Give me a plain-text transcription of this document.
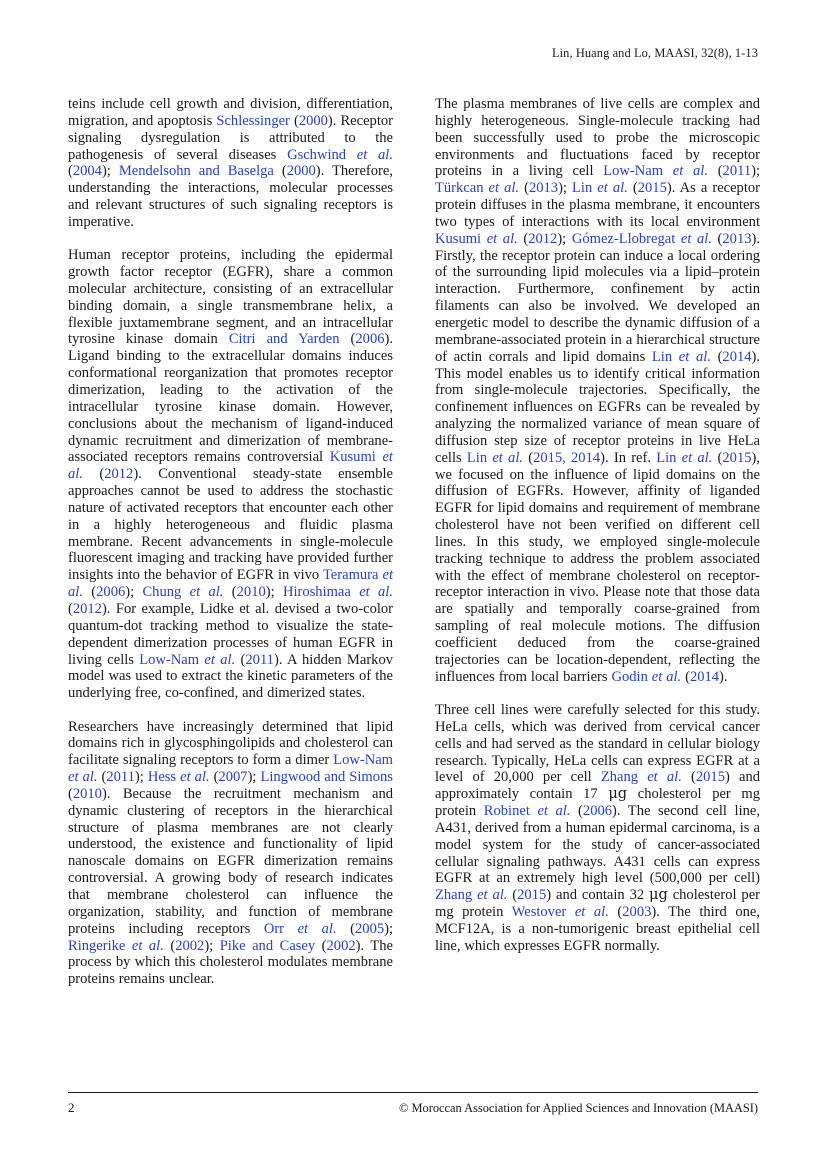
Lin, Huang and Lo, MAASI, 32(8), 1-13

teins include cell growth and division, differentiation, migration, and apoptosis Schlessinger (2000). Receptor signaling dysregulation is attributed to the pathogenesis of several diseases Gschwind et al. (2004); Mendelsohn and Baselga (2000). Therefore, understanding the interactions, molecular processes and relevant structures of such signaling receptors is imperative.

Human receptor proteins, including the epidermal growth factor receptor (EGFR), share a common molecular architecture, consisting of an extracellular binding domain, a single transmembrane helix, a flexible juxtamembrane segment, and an intracellular tyrosine kinase domain Citri and Yarden (2006). Ligand binding to the extracellular domains induces conformational reorganization that promotes receptor dimerization, leading to the activation of the intracellular tyrosine kinase domain. However, conclusions about the mechanism of ligand-induced dynamic recruitment and dimerization of membrane-associated receptors remains controversial Kusumi et al. (2012). Conventional steady-state ensemble approaches cannot be used to address the stochastic nature of activated receptors that encounter each other in a highly heterogeneous and fluidic plasma membrane. Recent advancements in single-molecule fluorescent imaging and tracking have provided further insights into the behavior of EGFR in vivo Teramura et al. (2006); Chung et al. (2010); Hiroshimaa et al. (2012). For example, Lidke et al. devised a two-color quantum-dot tracking method to visualize the state-dependent dimerization processes of human EGFR in living cells Low-Nam et al. (2011). A hidden Markov model was used to extract the kinetic parameters of the underlying free, co-confined, and dimerized states.

Researchers have increasingly determined that lipid domains rich in glycosphingolipids and cholesterol can facilitate signaling receptors to form a dimer Low-Nam et al. (2011); Hess et al. (2007); Lingwood and Simons (2010). Because the recruitment mechanism and dynamic clustering of receptors in the hierarchical structure of plasma membranes are not clearly understood, the existence and functionality of lipid nanoscale domains on EGFR dimerization remains controversial. A growing body of research indicates that membrane cholesterol can influence the organization, stability, and function of membrane proteins including receptors Orr et al. (2005); Ringerike et al. (2002); Pike and Casey (2002). The process by which this cholesterol modulates membrane proteins remains unclear.

The plasma membranes of live cells are complex and highly heterogeneous. Single-molecule tracking had been successfully used to probe the microscopic environments and fluctuations faced by receptor proteins in a living cell Low-Nam et al. (2011); Türkcan et al. (2013); Lin et al. (2015). As a receptor protein diffuses in the plasma membrane, it encounters two types of interactions with its local environment Kusumi et al. (2012); Gómez-Llobregat et al. (2013). Firstly, the receptor protein can induce a local ordering of the surrounding lipid molecules via a lipid–protein interaction. Furthermore, confinement by actin filaments can also be involved. We developed an energetic model to describe the dynamic diffusion of a membrane-associated protein in a hierarchical structure of actin corrals and lipid domains Lin et al. (2014). This model enables us to identify critical information from single-molecule trajectories. Specifically, the confinement influences on EGFRs can be revealed by analyzing the normalized variance of mean square of diffusion step size of receptor proteins in live HeLa cells Lin et al. (2015, 2014). In ref. Lin et al. (2015), we focused on the influence of lipid domains on the diffusion of EGFRs. However, affinity of liganded EGFR for lipid domains and requirement of membrane cholesterol have not been verified on different cell lines. In this study, we employed single-molecule tracking technique to address the problem associated with the effect of membrane cholesterol on receptor-receptor interaction in vivo. Please note that those data are spatially and temporally coarse-grained from sampling of real molecule motions. The diffusion coefficient deduced from the coarse-grained trajectories can be location-dependent, reflecting the influences from local barriers Godin et al. (2014).

Three cell lines were carefully selected for this study. HeLa cells, which was derived from cervical cancer cells and had served as the standard in cellular biology research. Typically, HeLa cells can express EGFR at a level of 20,000 per cell Zhang et al. (2015) and approximately contain 17 μg cholesterol per mg protein Robinet et al. (2006). The second cell line, A431, derived from a human epidermal carcinoma, is a model system for the study of cancer-associated cellular signaling pathways. A431 cells can express EGFR at an extremely high level (500,000 per cell) Zhang et al. (2015) and contain 32 μg cholesterol per mg protein Westover et al. (2003). The third one, MCF12A, is a non-tumorigenic breast epithelial cell line, which expresses EGFR normally.

2	© Moroccan Association for Applied Sciences and Innovation (MAASI)
